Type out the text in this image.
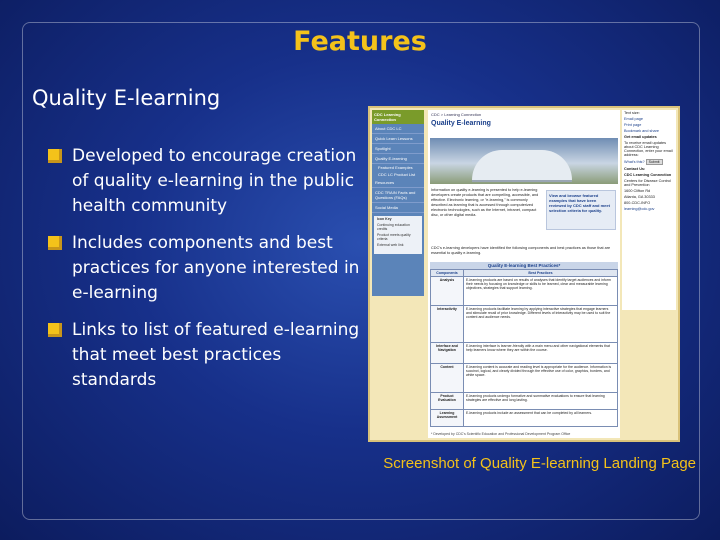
Features
Quality E-learning
Developed to encourage creation of quality e-learning in the public health community
Includes components and best practices for anyone interested in e-learning
Links to list of featured e-learning that meet best practices standards
CDC Learning Connection
About CDC LC
Quick Learn Lessons
Spotlight
Quality E-learning
Featured Examples
CDC LC Product List
Resources
CDC TRAIN Facts and Questions (FAQs)
Social Media
Icon Key
Continuing education credits
Product meets quality criteria
External web link
CDC > Learning Connection
Quality E-learning
Information on quality e-learning is presented to help e-learning developers create products that are compelling, accessible, and effective. Electronic learning, or "e-learning," is commonly described as learning that is accessed through computerized electronic technologies, such as the Internet, intranet, compact disc, or other digital media.
View and browse featured examples that have been reviewed by CDC staff and meet selection criteria for quality.
CDC's e-learning developers have identified the following components and best practices as those that are essential to quality e-learning.
Quality E-learning Best Practices*
Components	Best Practices
Analysis	E-learning products are based on results of analyses that identify target audiences and inform their needs by focusing on knowledge or skills to be learned, clear and measurable learning objectives, strategies that support learning.
Interactivity	E-learning products facilitate learning by applying interactive strategies that engage learners and stimulate recall of prior knowledge. Different levels of interactivity may be used to suit the content and audience needs.
Interface and Navigation	E-learning interface is learner-friendly with a main menu and other navigational elements that help learners know where they are within the course.
Content	E-learning content is accurate and reading level is appropriate for the audience. Information is succinct, logical, and clearly divided through the effective use of color, graphics, borders, and white space.
Product Evaluation	E-learning products undergo formative and summative evaluations to ensure that learning strategies are effective and long lasting.
Learning Assessment	E-learning products include an assessment that can be completed by all learners.
* Developed by CDC's Scientific Education and Professional Development Program Office
Text size:
Email page
Print page
Bookmark and share
Get email updates
To receive email updates about CDC Learning Connection, enter your email address:
What's this? Submit
Contact Us:
CDC Learning Connection
Centers for Disease Control and Prevention
1600 Clifton Rd
Atlanta, GA 30333
800-CDC-INFO
learning@cdc.gov
Screenshot of Quality E-learning Landing Page
